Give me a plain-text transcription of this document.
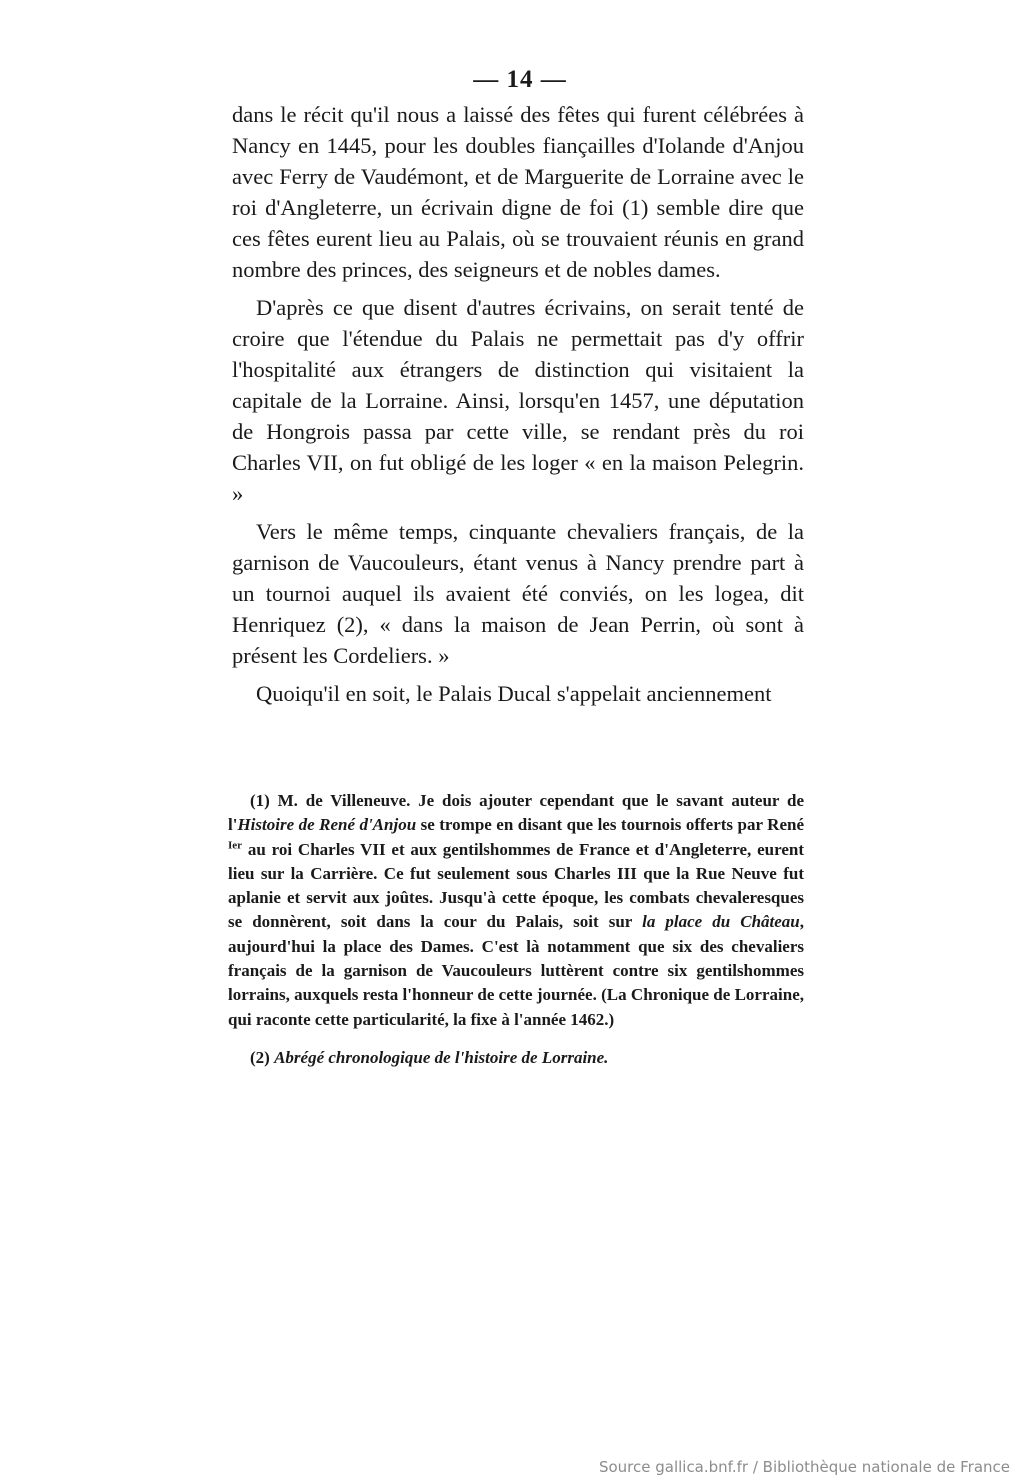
— 14 —

dans le récit qu'il nous a laissé des fêtes qui furent célébrées à Nancy en 1445, pour les doubles fiançailles d'Iolande d'Anjou avec Ferry de Vaudémont, et de Marguerite de Lorraine avec le roi d'Angleterre, un écrivain digne de foi (1) semble dire que ces fêtes eurent lieu au Palais, où se trouvaient réunis en grand nombre des princes, des seigneurs et de nobles dames.

D'après ce que disent d'autres écrivains, on serait tenté de croire que l'étendue du Palais ne permettait pas d'y offrir l'hospitalité aux étrangers de distinction qui visitaient la capitale de la Lorraine. Ainsi, lorsqu'en 1457, une députation de Hongrois passa par cette ville, se rendant près du roi Charles VII, on fut obligé de les loger « en la maison Pelegrin. »

Vers le même temps, cinquante chevaliers français, de la garnison de Vaucouleurs, étant venus à Nancy prendre part à un tournoi auquel ils avaient été conviés, on les logea, dit Henriquez (2), « dans la maison de Jean Perrin, où sont à présent les Cordeliers. »

Quoiqu'il en soit, le Palais Ducal s'appelait anciennement

(1) M. de Villeneuve. Je dois ajouter cependant que le savant auteur de l'Histoire de René d'Anjou se trompe en disant que les tournois offerts par René $^{Ier}$ au roi Charles VII et aux gentilshommes de France et d'Angleterre, eurent lieu sur la Carrière. Ce fut seulement sous Charles III que la Rue Neuve fut aplanie et servit aux joûtes. Jusqu'à cette époque, les combats chevaleresques se donnèrent, soit dans la cour du Palais, soit sur la place du Château, aujourd'hui la place des Dames. C'est là notamment que six des chevaliers français de la garnison de Vaucouleurs luttèrent contre six gentilshommes lorrains, auxquels resta l'honneur de cette journée. (La Chronique de Lorraine, qui raconte cette particularité, la fixe à l'année 1462.)

(2) Abrégé chronologique de l'histoire de Lorraine.

Source gallica.bnf.fr / Bibliothèque nationale de France
